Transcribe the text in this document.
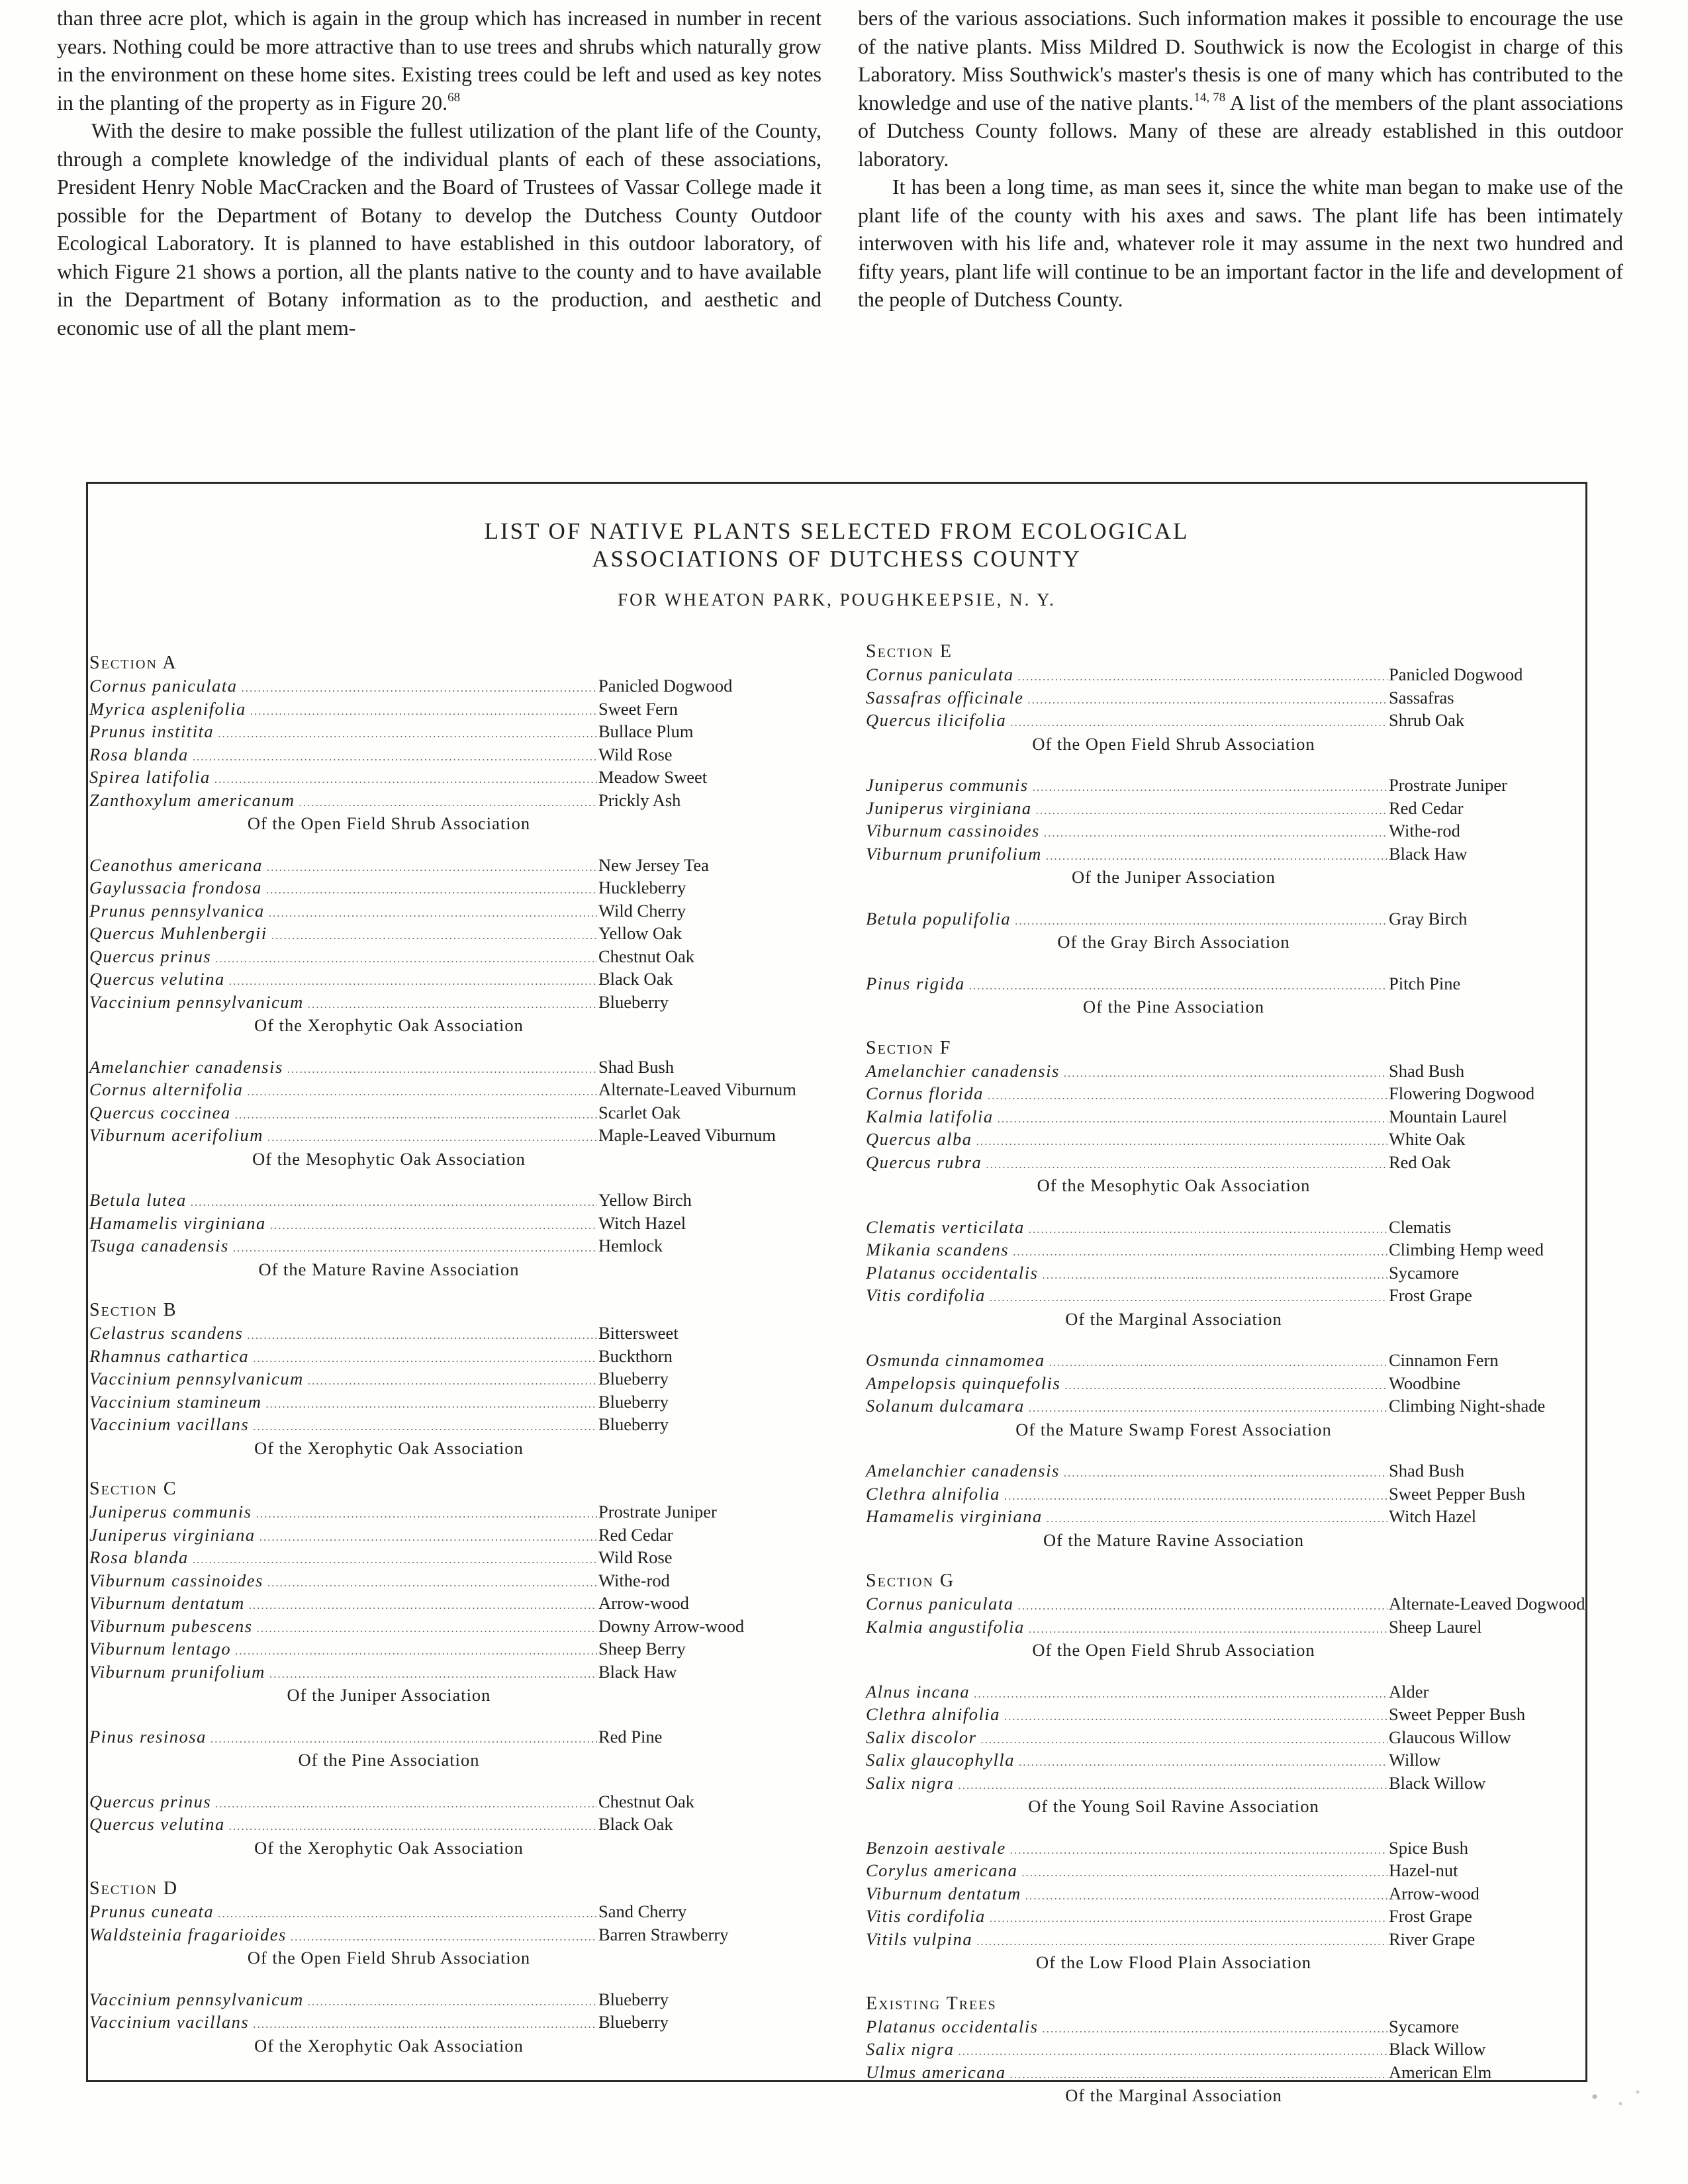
than three acre plot, which is again in the group which has increased in number in recent years. Nothing could be more attractive than to use trees and shrubs which naturally grow in the environment on these home sites. Existing trees could be left and used as key notes in the planting of the property as in Figure 20.68

With the desire to make possible the fullest utilization of the plant life of the County, through a complete knowledge of the individual plants of each of these associations, President Henry Noble MacCracken and the Board of Trustees of Vassar College made it possible for the Department of Botany to develop the Dutchess County Outdoor Ecological Laboratory. It is planned to have established in this outdoor laboratory, of which Figure 21 shows a portion, all the plants native to the county and to have available in the Department of Botany information as to the production, and aesthetic and economic use of all the plant mem-

bers of the various associations. Such information makes it possible to encourage the use of the native plants. Miss Mildred D. Southwick is now the Ecologist in charge of this Laboratory. Miss Southwick's master's thesis is one of many which has contributed to the knowledge and use of the native plants.$^{14, 78}$ A list of the members of the plant associations of Dutchess County follows. Many of these are already established in this outdoor laboratory.

It has been a long time, as man sees it, since the white man began to make use of the plant life of the county with his axes and saws. The plant life has been intimately interwoven with his life and, whatever role it may assume in the next two hundred and fifty years, plant life will continue to be an important factor in the life and development of the people of Dutchess County.

LIST OF NATIVE PLANTS SELECTED FROM ECOLOGICAL
ASSOCIATIONS OF DUTCHESS COUNTY
FOR WHEATON PARK, POUGHKEEPSIE, N. Y.
Section A
Cornus paniculata .....	Panicled Dogwood
Myrica asplenifolia .....	Sweet Fern
Prunus institita .....	Bullace Plum
Rosa blanda .....	Wild Rose
Spirea latifolia .....	Meadow Sweet
Zanthoxylum americanum .....	Prickly Ash
Of the Open Field Shrub Association
Ceanothus americana .....	New Jersey Tea
Gaylussacia frondosa .....	Huckleberry
Prunus pennsylvanica .....	Wild Cherry
Quercus Muhlenbergii .....	Yellow Oak
Quercus prinus .....	Chestnut Oak
Quercus velutina .....	Black Oak
Vaccinium pennsylvanicum .....	Blueberry
Of the Xerophytic Oak Association
Amelanchier canadensis .....	Shad Bush
Cornus alternifolia .....	Alternate-Leaved Viburnum
Quercus coccinea .....	Scarlet Oak
Viburnum acerifolium .....	Maple-Leaved Viburnum
Of the Mesophytic Oak Association
Betula lutea .....	Yellow Birch
Hamamelis virginiana .....	Witch Hazel
Tsuga canadensis .....	Hemlock
Of the Mature Ravine Association
Section B
Celastrus scandens .....	Bittersweet
Rhamnus cathartica .....	Buckthorn
Vaccinium pennsylvanicum .....	Blueberry
Vaccinium stamineum .....	Blueberry
Vaccinium vacillans .....	Blueberry
Of the Xerophytic Oak Association
Section C
Juniperus communis .....	Prostrate Juniper
Juniperus virginiana .....	Red Cedar
Rosa blanda .....	Wild Rose
Viburnum cassinoides .....	Withe-rod
Viburnum dentatum .....	Arrow-wood
Viburnum pubescens .....	Downy Arrow-wood
Viburnum lentago .....	Sheep Berry
Viburnum prunifolium .....	Black Haw
Of the Juniper Association
Pinus resinosa .....	Red Pine
Of the Pine Association
Quercus prinus .....	Chestnut Oak
Quercus velutina .....	Black Oak
Of the Xerophytic Oak Association
Section D
Prunus cuneata .....	Sand Cherry
Waldsteinia fragarioides .....	Barren Strawberry
Of the Open Field Shrub Association
Vaccinium pennsylvanicum .....	Blueberry
Vaccinium vacillans .....	Blueberry
Of the Xerophytic Oak Association
Section E
Cornus paniculata .....	Panicled Dogwood
Sassafras officinale .....	Sassafras
Quercus ilicifolia .....	Shrub Oak
Of the Open Field Shrub Association
Juniperus communis .....	Prostrate Juniper
Juniperus virginiana .....	Red Cedar
Viburnum cassinoides .....	Withe-rod
Viburnum prunifolium .....	Black Haw
Of the Juniper Association
Betula populifolia .....	Gray Birch
Of the Gray Birch Association
Pinus rigida .....	Pitch Pine
Of the Pine Association
Section F
Amelanchier canadensis .....	Shad Bush
Cornus florida .....	Flowering Dogwood
Kalmia latifolia .....	Mountain Laurel
Quercus alba .....	White Oak
Quercus rubra .....	Red Oak
Of the Mesophytic Oak Association
Clematis verticilata .....	Clematis
Mikania scandens .....	Climbing Hemp weed
Platanus occidentalis .....	Sycamore
Vitis cordifolia .....	Frost Grape
Of the Marginal Association
Osmunda cinnamomea .....	Cinnamon Fern
Ampelopsis quinquefolis .....	Woodbine
Solanum dulcamara .....	Climbing Night-shade
Of the Mature Swamp Forest Association
Amelanchier canadensis .....	Shad Bush
Clethra alnifolia .....	Sweet Pepper Bush
Hamamelis virginiana .....	Witch Hazel
Of the Mature Ravine Association
Section G
Cornus paniculata .....	Alternate-Leaved Dogwood
Kalmia angustifolia .....	Sheep Laurel
Of the Open Field Shrub Association
Alnus incana .....	Alder
Clethra alnifolia .....	Sweet Pepper Bush
Salix discolor .....	Glaucous Willow
Salix glaucophylla .....	Willow
Salix nigra .....	Black Willow
Of the Young Soil Ravine Association
Benzoin aestivale .....	Spice Bush
Corylus americana .....	Hazel-nut
Viburnum dentatum .....	Arrow-wood
Vitis cordifolia .....	Frost Grape
Vitils vulpina .....	River Grape
Of the Low Flood Plain Association
Existing Trees
Platanus occidentalis .....	Sycamore
Salix nigra .....	Black Willow
Ulmus americana .....	American Elm
Of the Marginal Association
